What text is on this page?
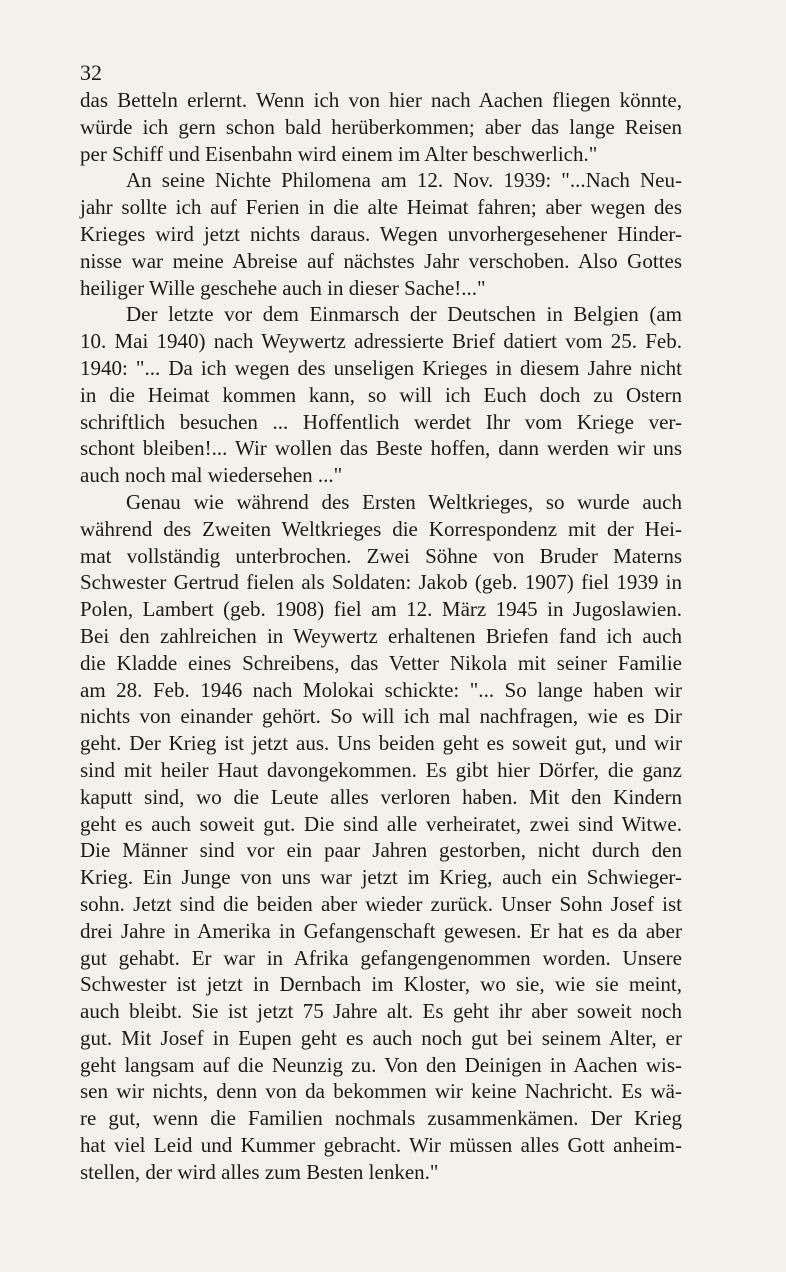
32
das Betteln erlernt. Wenn ich von hier nach Aachen fliegen könnte,
würde ich gern schon bald herüberkommen; aber das lange Reisen
per Schiff und Eisenbahn wird einem im Alter beschwerlich."
An seine Nichte Philomena am 12. Nov. 1939: "...Nach Neu-
jahr sollte ich auf Ferien in die alte Heimat fahren; aber wegen des
Krieges wird jetzt nichts daraus. Wegen unvorhergesehener Hinder-
nisse war meine Abreise auf nächstes Jahr verschoben. Also Gottes
heiliger Wille geschehe auch in dieser Sache!..."
Der letzte vor dem Einmarsch der Deutschen in Belgien (am
10. Mai 1940) nach Weywertz adressierte Brief datiert vom 25. Feb.
1940: "... Da ich wegen des unseligen Krieges in diesem Jahre nicht
in die Heimat kommen kann, so will ich Euch doch zu Ostern
schriftlich besuchen ... Hoffentlich werdet Ihr vom Kriege ver-
schont bleiben!... Wir wollen das Beste hoffen, dann werden wir uns
auch noch mal wiedersehen ..."
Genau wie während des Ersten Weltkrieges, so wurde auch
während des Zweiten Weltkrieges die Korrespondenz mit der Hei-
mat vollständig unterbrochen. Zwei Söhne von Bruder Materns
Schwester Gertrud fielen als Soldaten: Jakob (geb. 1907) fiel 1939 in
Polen, Lambert (geb. 1908) fiel am 12. März 1945 in Jugoslawien.
Bei den zahlreichen in Weywertz erhaltenen Briefen fand ich auch
die Kladde eines Schreibens, das Vetter Nikola mit seiner Familie
am 28. Feb. 1946 nach Molokai schickte: "... So lange haben wir
nichts von einander gehört. So will ich mal nachfragen, wie es Dir
geht. Der Krieg ist jetzt aus. Uns beiden geht es soweit gut, und wir
sind mit heiler Haut davongekommen. Es gibt hier Dörfer, die ganz
kaputt sind, wo die Leute alles verloren haben. Mit den Kindern
geht es auch soweit gut. Die sind alle verheiratet, zwei sind Witwe.
Die Männer sind vor ein paar Jahren gestorben, nicht durch den
Krieg. Ein Junge von uns war jetzt im Krieg, auch ein Schwieger-
sohn. Jetzt sind die beiden aber wieder zurück. Unser Sohn Josef ist
drei Jahre in Amerika in Gefangenschaft gewesen. Er hat es da aber
gut gehabt. Er war in Afrika gefangengenommen worden. Unsere
Schwester ist jetzt in Dernbach im Kloster, wo sie, wie sie meint,
auch bleibt. Sie ist jetzt 75 Jahre alt. Es geht ihr aber soweit noch
gut. Mit Josef in Eupen geht es auch noch gut bei seinem Alter, er
geht langsam auf die Neunzig zu. Von den Deinigen in Aachen wis-
sen wir nichts, denn von da bekommen wir keine Nachricht. Es wä-
re gut, wenn die Familien nochmals zusammenkämen. Der Krieg
hat viel Leid und Kummer gebracht. Wir müssen alles Gott anheim-
stellen, der wird alles zum Besten lenken."
